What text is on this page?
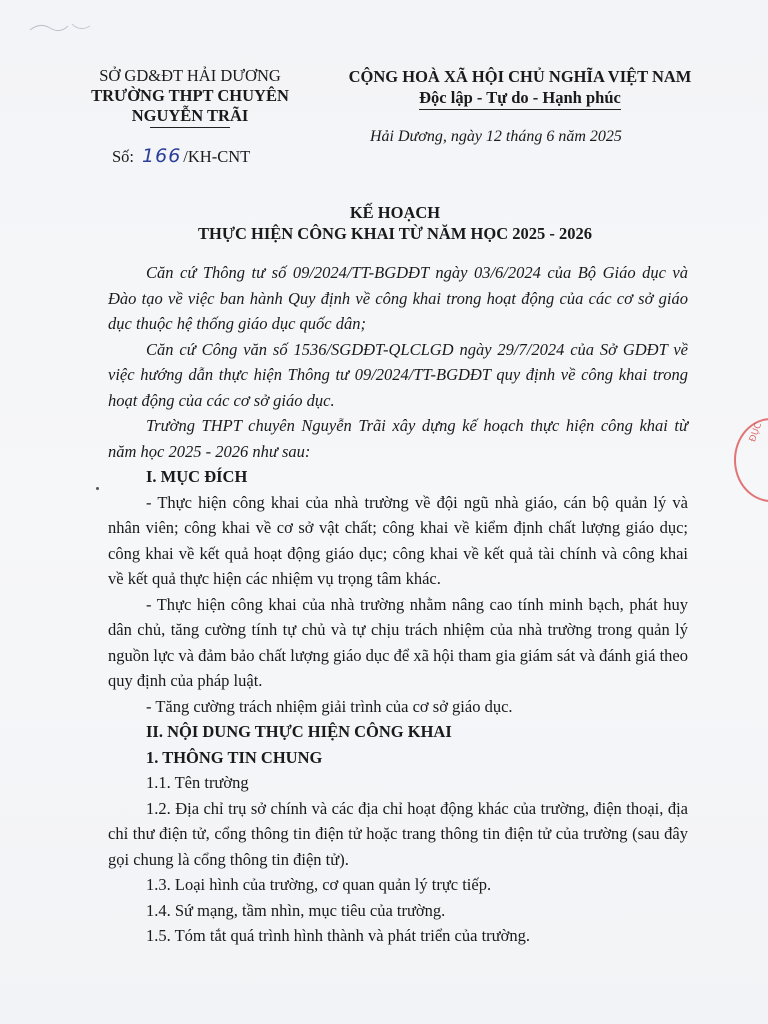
SỞ GD&ĐT HẢI DƯƠNG
TRƯỜNG THPT CHUYÊN
NGUYỄN TRÃI
Số: 166 /KH-CNT
CỘNG HOÀ XÃ HỘI CHỦ NGHĨA VIỆT NAM
Độc lập - Tự do - Hạnh phúc
Hải Dương, ngày 12 tháng 6 năm 2025
KẾ HOẠCH
THỰC HIỆN CÔNG KHAI TỪ NĂM HỌC 2025 - 2026

Căn cứ Thông tư số 09/2024/TT-BGDĐT ngày 03/6/2024 của Bộ Giáo dục và Đào tạo về việc ban hành Quy định về công khai trong hoạt động của các cơ sở giáo dục thuộc hệ thống giáo dục quốc dân;

Căn cứ Công văn số 1536/SGDĐT-QLCLGD ngày 29/7/2024 của Sở GDĐT về việc hướng dẫn thực hiện Thông tư 09/2024/TT-BGDĐT quy định về công khai trong hoạt động của các cơ sở giáo dục.

Trường THPT chuyên Nguyễn Trãi xây dựng kế hoạch thực hiện công khai từ năm học 2025 - 2026 như sau:

I. MỤC ĐÍCH

- Thực hiện công khai của nhà trường về đội ngũ nhà giáo, cán bộ quản lý và nhân viên; công khai về cơ sở vật chất; công khai về kiểm định chất lượng giáo dục; công khai về kết quả hoạt động giáo dục; công khai về kết quả tài chính và công khai về kết quả thực hiện các nhiệm vụ trọng tâm khác.

- Thực hiện công khai của nhà trường nhằm nâng cao tính minh bạch, phát huy dân chủ, tăng cường tính tự chủ và tự chịu trách nhiệm của nhà trường trong quản lý nguồn lực và đảm bảo chất lượng giáo dục để xã hội tham gia giám sát và đánh giá theo quy định của pháp luật.

- Tăng cường trách nhiệm giải trình của cơ sở giáo dục.

II. NỘI DUNG THỰC HIỆN CÔNG KHAI

1. THÔNG TIN CHUNG

1.1. Tên trường

1.2. Địa chỉ trụ sở chính và các địa chỉ hoạt động khác của trường, điện thoại, địa chỉ thư điện tử, cổng thông tin điện tử hoặc trang thông tin điện tử của trường (sau đây gọi chung là cổng thông tin điện tử).

1.3. Loại hình của trường, cơ quan quản lý trực tiếp.

1.4. Sứ mạng, tầm nhìn, mục tiêu của trường.

1.5. Tóm tắt quá trình hình thành và phát triển của trường.

ĐỤC
